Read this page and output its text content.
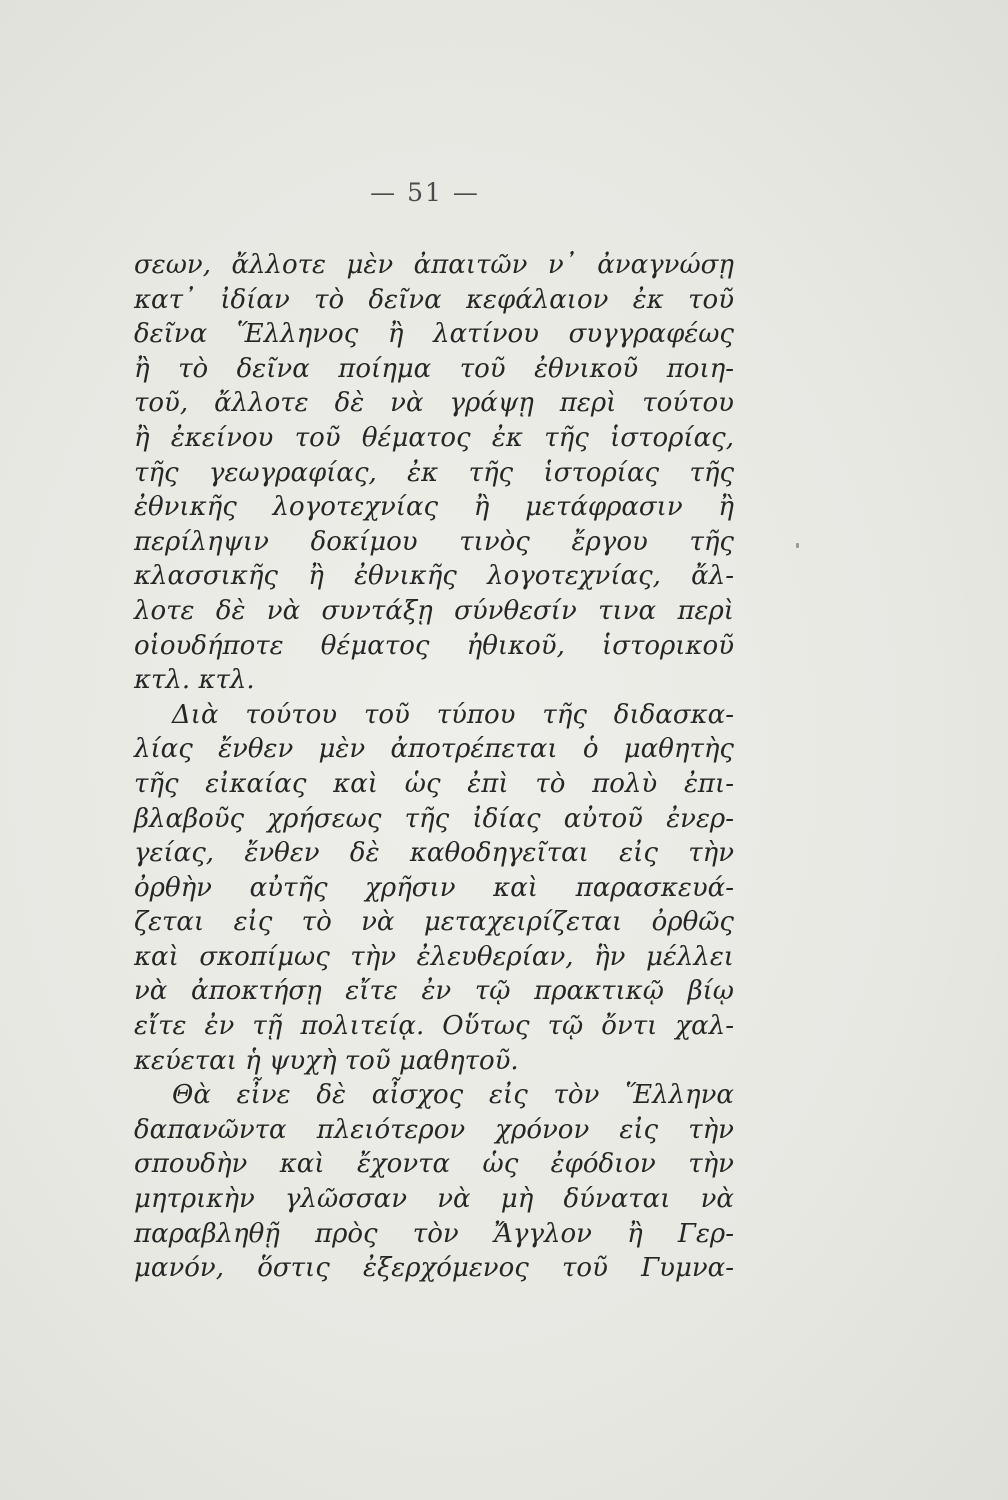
— 51 —
σεων, ἄλλοτε μὲν ἀπαιτῶν ν᾽ ἀναγνώσῃ
κατ᾽ ἰδίαν τὸ δεῖνα κεφάλαιον ἐκ τοῦ
δεῖνα Ἕλληνος ἢ λατίνου συγγραφέως
ἢ τὸ δεῖνα ποίημα τοῦ ἐθνικοῦ ποιη-
τοῦ, ἄλλοτε δὲ νὰ γράψῃ περὶ τούτου
ἢ ἐκείνου τοῦ θέματος ἐκ τῆς ἱστορίας,
τῆς γεωγραφίας, ἐκ τῆς ἱστορίας τῆς
ἐθνικῆς λογοτεχνίας ἢ μετάφρασιν ἢ
περίληψιν δοκίμου τινὸς ἔργου τῆς
κλασσικῆς ἢ ἐθνικῆς λογοτεχνίας, ἄλ-
λοτε δὲ νὰ συντάξῃ σύνθεσίν τινα περὶ
οἱουδήποτε θέματος ἠθικοῦ, ἱστορικοῦ
κτλ. κτλ.
Διὰ τούτου τοῦ τύπου τῆς διδασκα-
λίας ἔνθεν μὲν ἀποτρέπεται ὁ μαθητὴς
τῆς εἰκαίας καὶ ὡς ἐπὶ τὸ πολὺ ἐπι-
βλαβοῦς χρήσεως τῆς ἰδίας αὐτοῦ ἐνερ-
γείας, ἔνθεν δὲ καθοδηγεῖται εἰς τὴν
ὀρθὴν αὐτῆς χρῆσιν καὶ παρασκευά-
ζεται εἰς τὸ νὰ μεταχειρίζεται ὀρθῶς
καὶ σκοπίμως τὴν ἐλευθερίαν, ἣν μέλλει
νὰ ἀποκτήσῃ εἴτε ἐν τῷ πρακτικῷ βίῳ
εἴτε ἐν τῇ πολιτείᾳ. Οὕτως τῷ ὄντι χαλ-
κεύεται ἡ ψυχὴ τοῦ μαθητοῦ.
Θὰ εἶνε δὲ αἶσχος εἰς τὸν Ἕλληνα
δαπανῶντα πλειότερον χρόνον εἰς τὴν
σπουδὴν καὶ ἔχοντα ὡς ἐφόδιον τὴν
μητρικὴν γλῶσσαν νὰ μὴ δύναται νὰ
παραβληθῇ πρὸς τὸν Ἄγγλον ἢ Γερ-
μανόν, ὅστις ἐξερχόμενος τοῦ Γυμνα-
